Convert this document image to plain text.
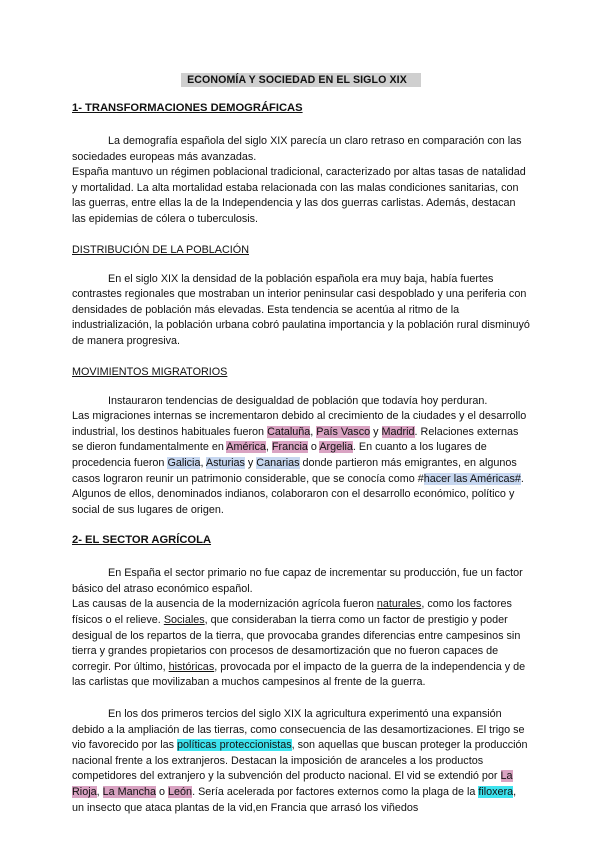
ECONOMÍA Y SOCIEDAD EN EL SIGLO XIX
1- TRANSFORMACIONES DEMOGRÁFICAS

La demografía española del siglo XIX parecía un claro retraso en comparación con las sociedades europeas más avanzadas.

España mantuvo un régimen poblacional tradicional, caracterizado por altas tasas de natalidad y mortalidad. La alta mortalidad estaba relacionada con las malas condiciones sanitarias, con las guerras, entre ellas la de la Independencia y las dos guerras carlistas. Además, destacan las epidemias de cólera o tuberculosis.

DISTRIBUCIÓN DE LA POBLACIÓN

En el siglo XIX la densidad de la población española era muy baja, había fuertes contrastes regionales que mostraban un interior peninsular casi despoblado y una periferia con densidades de población más elevadas. Esta tendencia se acentúa al ritmo de la industrialización, la población urbana cobró paulatina importancia y la población rural disminuyó de manera progresiva.

MOVIMIENTOS MIGRATORIOS

Instauraron tendencias de desigualdad de población que todavía hoy perduran.

Las migraciones internas se incrementaron debido al crecimiento de la ciudades y el desarrollo industrial, los destinos habituales fueron Cataluña, País Vasco y Madrid. Relaciones externas se dieron fundamentalmente en América, Francia o Argelia. En cuanto a los lugares de procedencia fueron Galicia, Asturias y Canarias donde partieron más emigrantes, en algunos casos lograron reunir un patrimonio considerable, que se conocía como #hacer las Américas#. Algunos de ellos, denominados indianos, colaboraron con el desarrollo económico, político y social de sus lugares de origen.

2- EL SECTOR AGRÍCOLA

En España el sector primario no fue capaz de incrementar su producción, fue un factor básico del atraso económico español.

Las causas de la ausencia de la modernización agrícola fueron naturales, como los factores físicos o el relieve. Sociales, que consideraban la tierra como un factor de prestigio y poder desigual de los repartos de la tierra, que provocaba grandes diferencias entre campesinos sin tierra y grandes propietarios con procesos de desamortización que no fueron capaces de corregir. Por último, históricas, provocada por el impacto de la guerra de la independencia y de las carlistas que movilizaban a muchos campesinos al frente de la guerra.

En los dos primeros tercios del siglo XIX la agricultura experimentó una expansión debido a la ampliación de las tierras, como consecuencia de las desamortizaciones. El trigo se vio favorecido por las políticas proteccionistas, son aquellas que buscan proteger la producción nacional frente a los extranjeros. Destacan la imposición de aranceles a los productos competidores del extranjero y la subvención del producto nacional. El vid se extendió por La Rioja, La Mancha o León. Sería acelerada por factores externos como la plaga de la filoxera, un insecto que ataca plantas de la vid,en Francia que arrasó los viñedos
